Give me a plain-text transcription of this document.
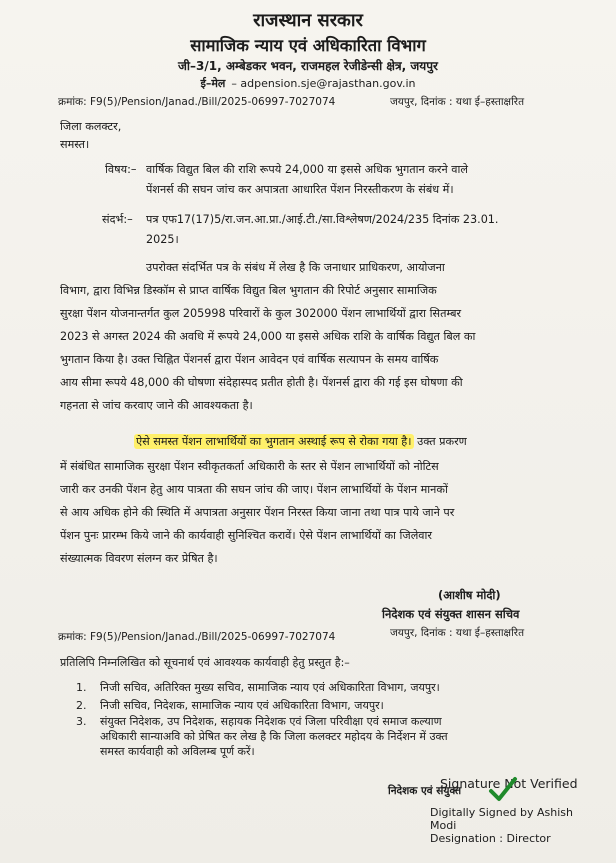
राजस्थान सरकार
सामाजिक न्याय एवं अधिकारिता विभाग
जी–3/1, अम्बेडकर भवन, राजमहल रेजीडेन्सी क्षेत्र, जयपुर
ई–मेल – adpension.sje@rajasthan.gov.in
क्रमांक: F9(5)/Pension/Janad./Bill/2025-06997-7027074	जयपुर, दिनांक : यथा ई–हस्ताक्षरित
जिला कलक्टर,
समस्त।
विषय:– वार्षिक विद्युत बिल की राशि रूपये 24,000 या इससे अधिक भुगतान करने वाले
पेंशनर्स की सघन जांच कर अपात्रता आधारित पेंशन निरस्तीकरण के संबंध में।
संदर्भ:– पत्र एफ17(17)5/रा.जन.आ.प्रा./आई.टी./सा.विश्लेषण/2024/235 दिनांक 23.01.
2025।
उपरोक्त संदर्भित पत्र के संबंध में लेख है कि जनाधार प्राधिकरण, आयोजना
विभाग, द्वारा विभिन्न डिस्कॉम से प्राप्त वार्षिक विद्युत बिल भुगतान की रिपोर्ट अनुसार सामाजिक
सुरक्षा पेंशन योजनान्तर्गत कुल 205998 परिवारों के कुल 302000 पेंशन लाभार्थियों द्वारा सितम्बर
2023 से अगस्त 2024 की अवधि में रूपये 24,000 या इससे अधिक राशि के वार्षिक विद्युत बिल का
भुगतान किया है। उक्त चिह्नित पेंशनर्स द्वारा पेंशन आवेदन एवं वार्षिक सत्यापन के समय वार्षिक
आय सीमा रूपये 48,000 की घोषणा संदेहास्पद प्रतीत होती है। पेंशनर्स द्वारा की गई इस घोषणा की
गहनता से जांच करवाए जाने की आवश्यकता है।
ऐसे समस्त पेंशन लाभार्थियों का भुगतान अस्थाई रूप से रोका गया है। उक्त प्रकरण
में संबंधित सामाजिक सुरक्षा पेंशन स्वीकृतकर्ता अधिकारी के स्तर से पेंशन लाभार्थियों को नोटिस
जारी कर उनकी पेंशन हेतु आय पात्रता की सघन जांच की जाए। पेंशन लाभार्थियों के पेंशन मानकों
से आय अधिक होने की स्थिति में अपात्रता अनुसार पेंशन निरस्त किया जाना तथा पात्र पाये जाने पर
पेंशन पुनः प्रारम्भ किये जाने की कार्यवाही सुनिश्चित करावें। ऐसे पेंशन लाभार्थियों का जिलेवार
संख्यात्मक विवरण संलग्न कर प्रेषित है।
(आशीष मोदी)
निदेशक एवं संयुक्त शासन सचिव
क्रमांक: F9(5)/Pension/Janad./Bill/2025-06997-7027074	जयपुर, दिनांक : यथा ई–हस्ताक्षरित
प्रतिलिपि निम्नलिखित को सूचनार्थ एवं आवश्यक कार्यवाही हेतु प्रस्तुत है:–
1. निजी सचिव, अतिरिक्त मुख्य सचिव, सामाजिक न्याय एवं अधिकारिता विभाग, जयपुर।
2. निजी सचिव, निदेशक, सामाजिक न्याय एवं अधिकारिता विभाग, जयपुर।
3. संयुक्त निदेशक, उप निदेशक, सहायक निदेशक एवं जिला परिवीक्षा एवं समाज कल्याण
अधिकारी सान्याअवि को प्रेषित कर लेख है कि जिला कलक्टर महोदय के निर्देशन में उक्त
समस्त कार्यवाही को अविलम्ब पूर्ण करें।
निदेशक एवं संयुक्त
Signature Not Verified
Digitally Signed by Ashish
Modi
Designation : Director
